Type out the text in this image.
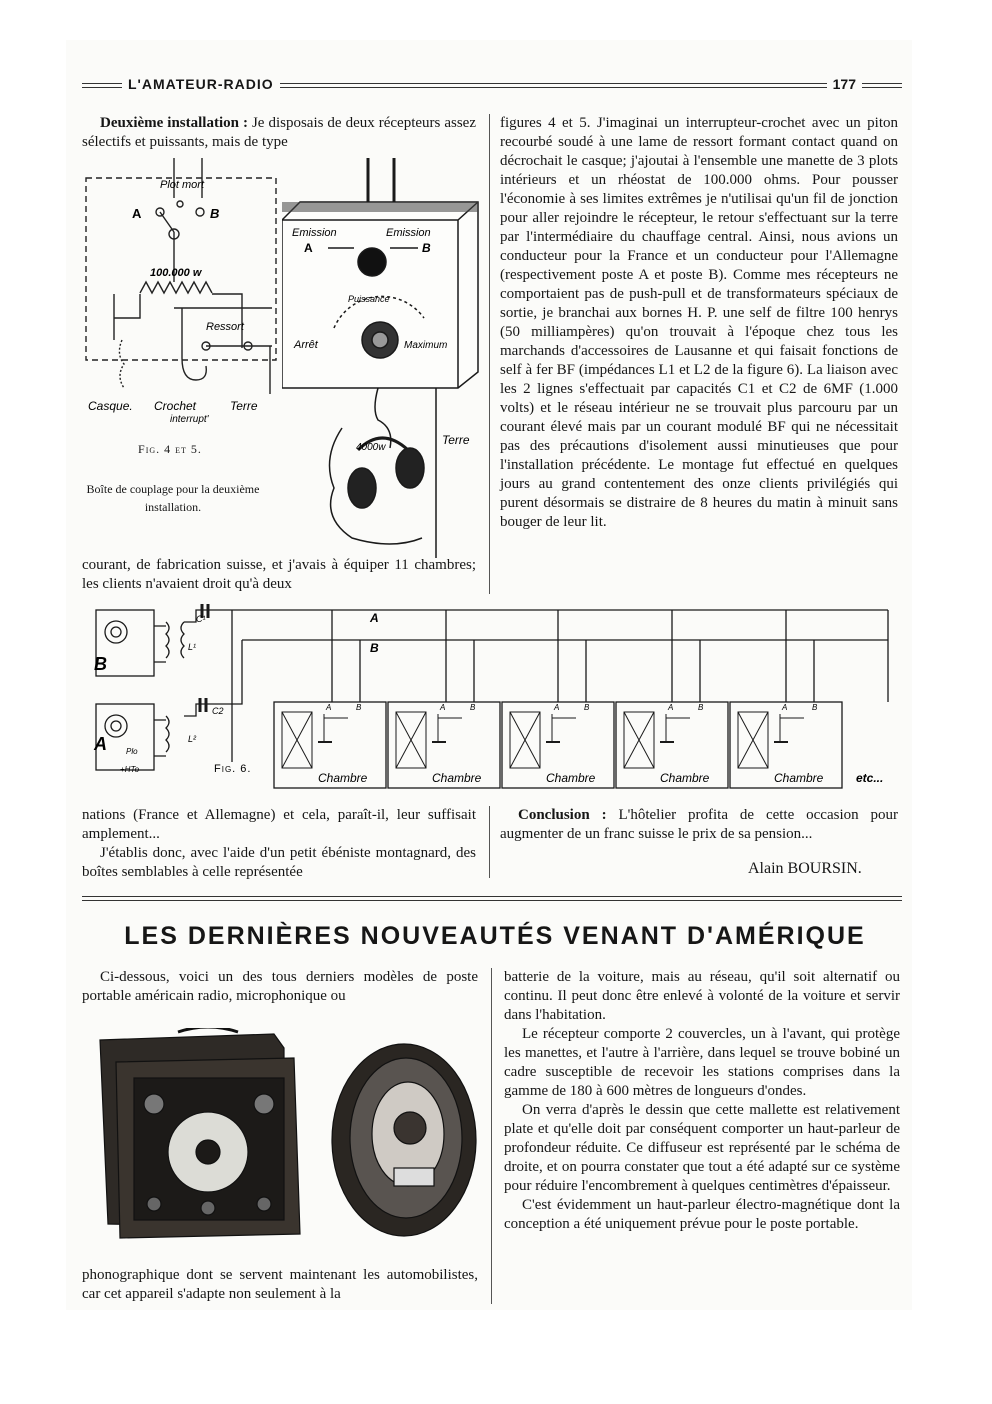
L'AMATEUR-RADIO	177

Deuxième installation : Je disposais de deux récepteurs assez sélectifs et puissants, mais de type

Plot mort
A	B
100.000 w
Ressort
Casque. Crochet
interrupt'
Terre
Fig. 4 et 5.
Boîte de couplage pour la deuxième installation.
Emission	Emission
A	B
Puissance
Arrêt	Maximum
4000w
Terre

courant, de fabrication suisse, et j'avais à équiper 11 chambres; les clients n'avaient droit qu'à deux

figures 4 et 5. J'imaginai un interrupteur-crochet avec un piton recourbé soudé à une lame de ressort formant contact quand on décrochait le casque; j'ajoutai à l'ensemble une manette de 3 plots intérieurs et un rhéostat de 100.000 ohms. Pour pousser l'économie à ses limites extrêmes je n'utilisai qu'un fil de jonction pour aller rejoindre le récepteur, le retour s'effectuant sur la terre par l'intermédiaire du chauffage central. Ainsi, nous avions un conducteur pour la France et un conducteur pour l'Allemagne (respectivement poste A et poste B). Comme mes récepteurs ne comportaient pas de push-pull et de transformateurs spéciaux de sortie, je branchai aux bornes H. P. une self de filtre 100 henrys (50 milliampères) qu'on trouvait à l'époque chez tous les marchands d'accessoires de Lausanne et qui faisait fonctions de self à fer BF (impédances L1 et L2 de la figure 6). La liaison avec les 2 lignes s'effectuait par capacités C1 et C2 de 6MF (1.000 volts) et le réseau intérieur ne se trouvait plus parcouru par un courant élevé mais par un courant modulé BF qui ne nécessitait pas des précautions d'isolement aussi minutieuses que pour l'installation précédente. Le montage fut effectué en quelques jours au grand contentement des onze clients privilégiés qui purent désormais se distraire de 8 heures du matin à minuit sans bouger de leur lit.

A	B
Chambre
A	B
Chambre
A	B
Chambre
A	B
Chambre
A	B
Chambre
C¹
C2
L¹
L²
A
B
B
A Plo
+HTo	Fig. 6.
etc...

nations (France et Allemagne) et cela, paraît-il, leur suffisait amplement...

J'établis donc, avec l'aide d'un petit ébéniste montagnard, des boîtes semblables à celle représentée

Conclusion : L'hôtelier profita de cette occasion pour augmenter de un franc suisse le prix de sa pension...

Alain BOURSIN.
LES DERNIÈRES NOUVEAUTÉS VENANT D'AMÉRIQUE

Ci-dessous, voici un des tous derniers modèles de poste portable américain radio, microphonique ou

phonographique dont se servent maintenant les automobilistes, car cet appareil s'adapte non seulement à la

batterie de la voiture, mais au réseau, qu'il soit alternatif ou continu. Il peut donc être enlevé à volonté de la voiture et servir dans l'habitation.

Le récepteur comporte 2 couvercles, un à l'avant, qui protège les manettes, et l'autre à l'arrière, dans lequel se trouve bobiné un cadre susceptible de recevoir les stations comprises dans la gamme de 180 à 600 mètres de longueurs d'ondes.

On verra d'après le dessin que cette mallette est relativement plate et qu'elle doit par conséquent comporter un haut-parleur de profondeur réduite. Ce diffuseur est représenté par le schéma de droite, et on pourra constater que tout a été adapté sur ce système pour réduire l'encombrement à quelques centimètres d'épaisseur.

C'est évidemment un haut-parleur électro-magnétique dont la conception a été uniquement prévue pour le poste portable.
